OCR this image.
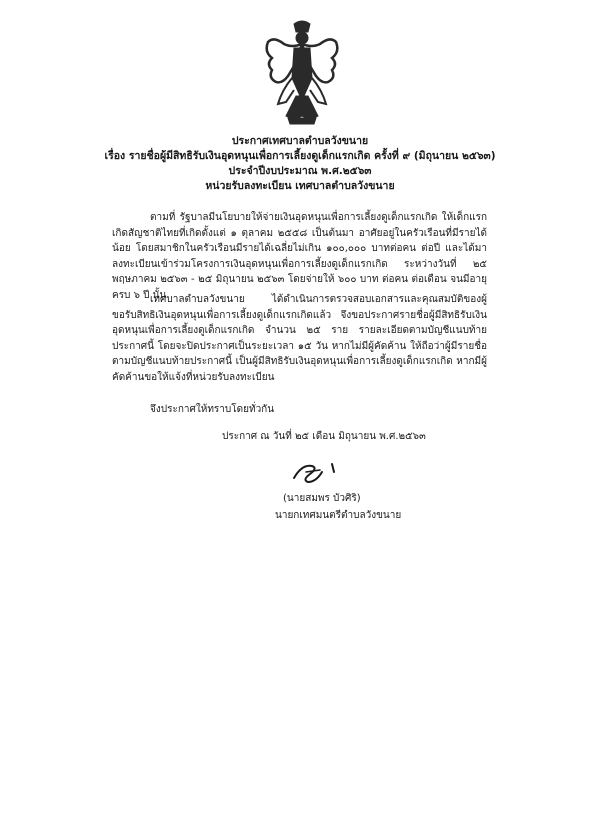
ประกาศเทศบาลตำบลวังขนาย
เรื่อง รายชื่อผู้มีสิทธิรับเงินอุดหนุนเพื่อการเลี้ยงดูเด็กแรกเกิด ครั้งที่ ๙ (มิถุนายน ๒๕๖๓)
ประจำปีงบประมาณ พ.ศ.๒๕๖๓
หน่วยรับลงทะเบียน เทศบาลตำบลวังขนาย
ตามที่ รัฐบาลมีนโยบายให้จ่ายเงินอุดหนุนเพื่อการเลี้ยงดูเด็กแรกเกิด ให้เด็กแรกเกิดสัญชาติไทยที่เกิดตั้งแต่ ๑ ตุลาคม ๒๕๕๘ เป็นต้นมา อาศัยอยู่ในครัวเรือนที่มีรายได้น้อย โดยสมาชิกในครัวเรือนมีรายได้เฉลี่ยไม่เกิน ๑๐๐,๐๐๐ บาทต่อคน ต่อปี และได้มาลงทะเบียนเข้าร่วมโครงการเงินอุดหนุนเพื่อการเลี้ยงดูเด็กแรกเกิด ระหว่างวันที่ ๒๕ พฤษภาคม ๒๕๖๓ - ๒๕ มิถุนายน ๒๕๖๓ โดยจ่ายให้ ๖๐๐ บาท ต่อคน ต่อเดือน จนมีอายุครบ ๖ ปี นั้น
เทศบาลตำบลวังขนาย ได้ดำเนินการตรวจสอบเอกสารและคุณสมบัติของผู้ขอรับสิทธิเงินอุดหนุนเพื่อการเลี้ยงดูเด็กแรกเกิดแล้ว จึงขอประกาศรายชื่อผู้มีสิทธิรับเงินอุดหนุนเพื่อการเลี้ยงดูเด็กแรกเกิด จำนวน ๒๕ ราย รายละเอียดตามบัญชีแนบท้ายประกาศนี้ โดยจะปิดประกาศเป็นระยะเวลา ๑๕ วัน หากไม่มีผู้คัดค้าน ให้ถือว่าผู้มีรายชื่อตามบัญชีแนบท้ายประกาศนี้ เป็นผู้มีสิทธิรับเงินอุดหนุนเพื่อการเลี้ยงดูเด็กแรกเกิด หากมีผู้คัดค้านขอให้แจ้งที่หน่วยรับลงทะเบียน
จึงประกาศให้ทราบโดยทั่วกัน
ประกาศ ณ วันที่ ๒๕ เดือน มิถุนายน พ.ศ.๒๕๖๓
(นายสมพร บัวศิริ)
นายกเทศมนตรีตำบลวังขนาย
